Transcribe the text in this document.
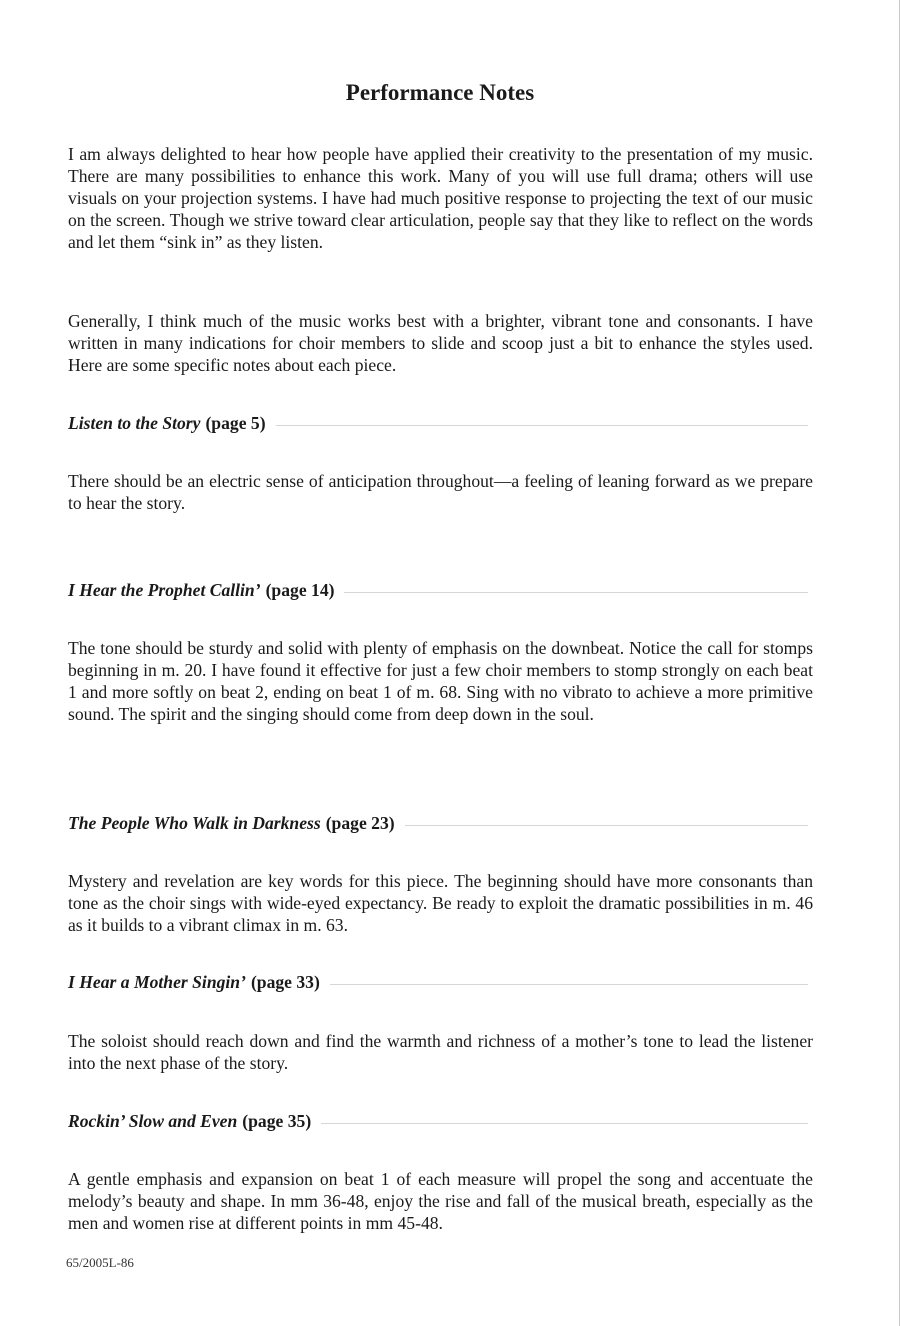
Performance Notes

I am always delighted to hear how people have applied their creativity to the presentation of my music. There are many possibilities to enhance this work. Many of you will use full drama; others will use visuals on your projection systems. I have had much positive response to projecting the text of our music on the screen. Though we strive toward clear articulation, people say that they like to reflect on the words and let them “sink in” as they listen.

Generally, I think much of the music works best with a brighter, vibrant tone and consonants. I have written in many indications for choir members to slide and scoop just a bit to enhance the styles used. Here are some specific notes about each piece.

Listen to the Story (page 5)

There should be an electric sense of anticipation throughout—a feeling of leaning forward as we prepare to hear the story.

I Hear the Prophet Callin’ (page 14)

The tone should be sturdy and solid with plenty of emphasis on the downbeat. Notice the call for stomps beginning in m. 20. I have found it effective for just a few choir members to stomp strongly on each beat 1 and more softly on beat 2, ending on beat 1 of m. 68. Sing with no vibrato to achieve a more primitive sound. The spirit and the singing should come from deep down in the soul.

The People Who Walk in Darkness (page 23)

Mystery and revelation are key words for this piece. The beginning should have more consonants than tone as the choir sings with wide-eyed expectancy. Be ready to exploit the dramatic possibilities in m. 46 as it builds to a vibrant climax in m. 63.

I Hear a Mother Singin’ (page 33)

The soloist should reach down and find the warmth and richness of a mother’s tone to lead the listener into the next phase of the story.

Rockin’ Slow and Even (page 35)

A gentle emphasis and expansion on beat 1 of each measure will propel the song and accentuate the melody’s beauty and shape. In mm 36-48, enjoy the rise and fall of the musical breath, especially as the men and women rise at different points in mm 45-48.

65/2005L-86
